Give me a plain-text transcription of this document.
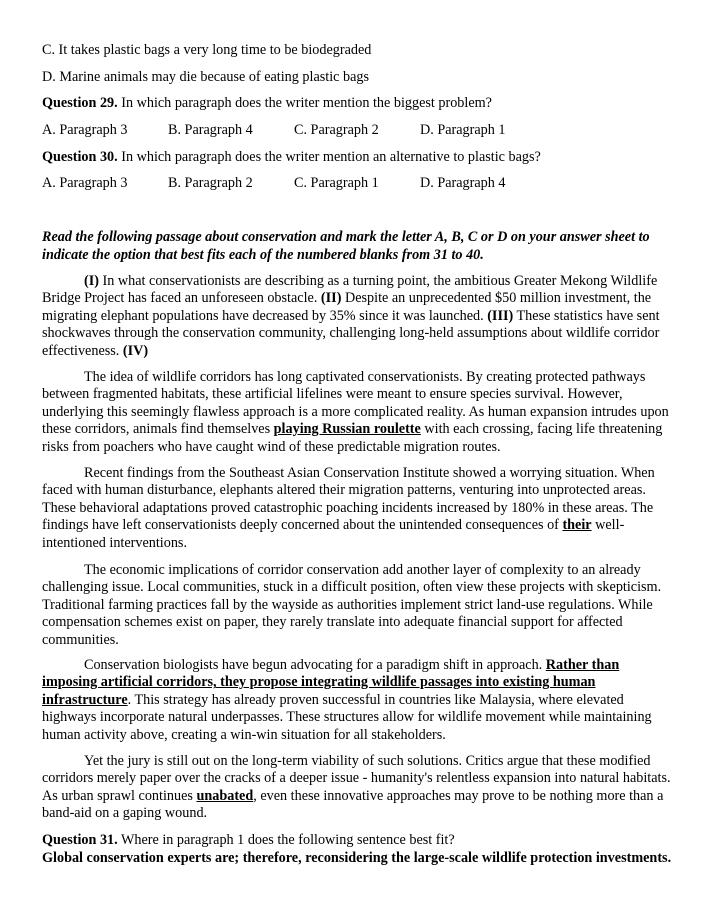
C. It takes plastic bags a very long time to be biodegraded
D. Marine animals may die because of eating plastic bags
Question 29. In which paragraph does the writer mention the biggest problem?
A. Paragraph 3	B. Paragraph 4	C. Paragraph 2	D. Paragraph 1
Question 30. In which paragraph does the writer mention an alternative to plastic bags?
A. Paragraph 3	B. Paragraph 2	C. Paragraph 1	D. Paragraph 4
Read the following passage about conservation and mark the letter A, B, C or D on your answer sheet to indicate the option that best fits each of the numbered blanks from 31 to 40.
(I) In what conservationists are describing as a turning point, the ambitious Greater Mekong Wildlife Bridge Project has faced an unforeseen obstacle. (II) Despite an unprecedented $50 million investment, the migrating elephant populations have decreased by 35% since it was launched. (III) These statistics have sent shockwaves through the conservation community, challenging long-held assumptions about wildlife corridor effectiveness. (IV)
The idea of wildlife corridors has long captivated conservationists. By creating protected pathways between fragmented habitats, these artificial lifelines were meant to ensure species survival. However, underlying this seemingly flawless approach is a more complicated reality. As human expansion intrudes upon these corridors, animals find themselves playing Russian roulette with each crossing, facing life threatening risks from poachers who have caught wind of these predictable migration routes.
Recent findings from the Southeast Asian Conservation Institute showed a worrying situation. When faced with human disturbance, elephants altered their migration patterns, venturing into unprotected areas. These behavioral adaptations proved catastrophic poaching incidents increased by 180% in these areas. The findings have left conservationists deeply concerned about the unintended consequences of their well-intentioned interventions.
The economic implications of corridor conservation add another layer of complexity to an already challenging issue. Local communities, stuck in a difficult position, often view these projects with skepticism. Traditional farming practices fall by the wayside as authorities implement strict land-use regulations. While compensation schemes exist on paper, they rarely translate into adequate financial support for affected communities.
Conservation biologists have begun advocating for a paradigm shift in approach. Rather than imposing artificial corridors, they propose integrating wildlife passages into existing human infrastructure. This strategy has already proven successful in countries like Malaysia, where elevated highways incorporate natural underpasses. These structures allow for wildlife movement while maintaining human activity above, creating a win-win situation for all stakeholders.
Yet the jury is still out on the long-term viability of such solutions. Critics argue that these modified corridors merely paper over the cracks of a deeper issue - humanity's relentless expansion into natural habitats. As urban sprawl continues unabated, even these innovative approaches may prove to be nothing more than a band-aid on a gaping wound.
Question 31. Where in paragraph 1 does the following sentence best fit?
Global conservation experts are; therefore, reconsidering the large-scale wildlife protection investments.
